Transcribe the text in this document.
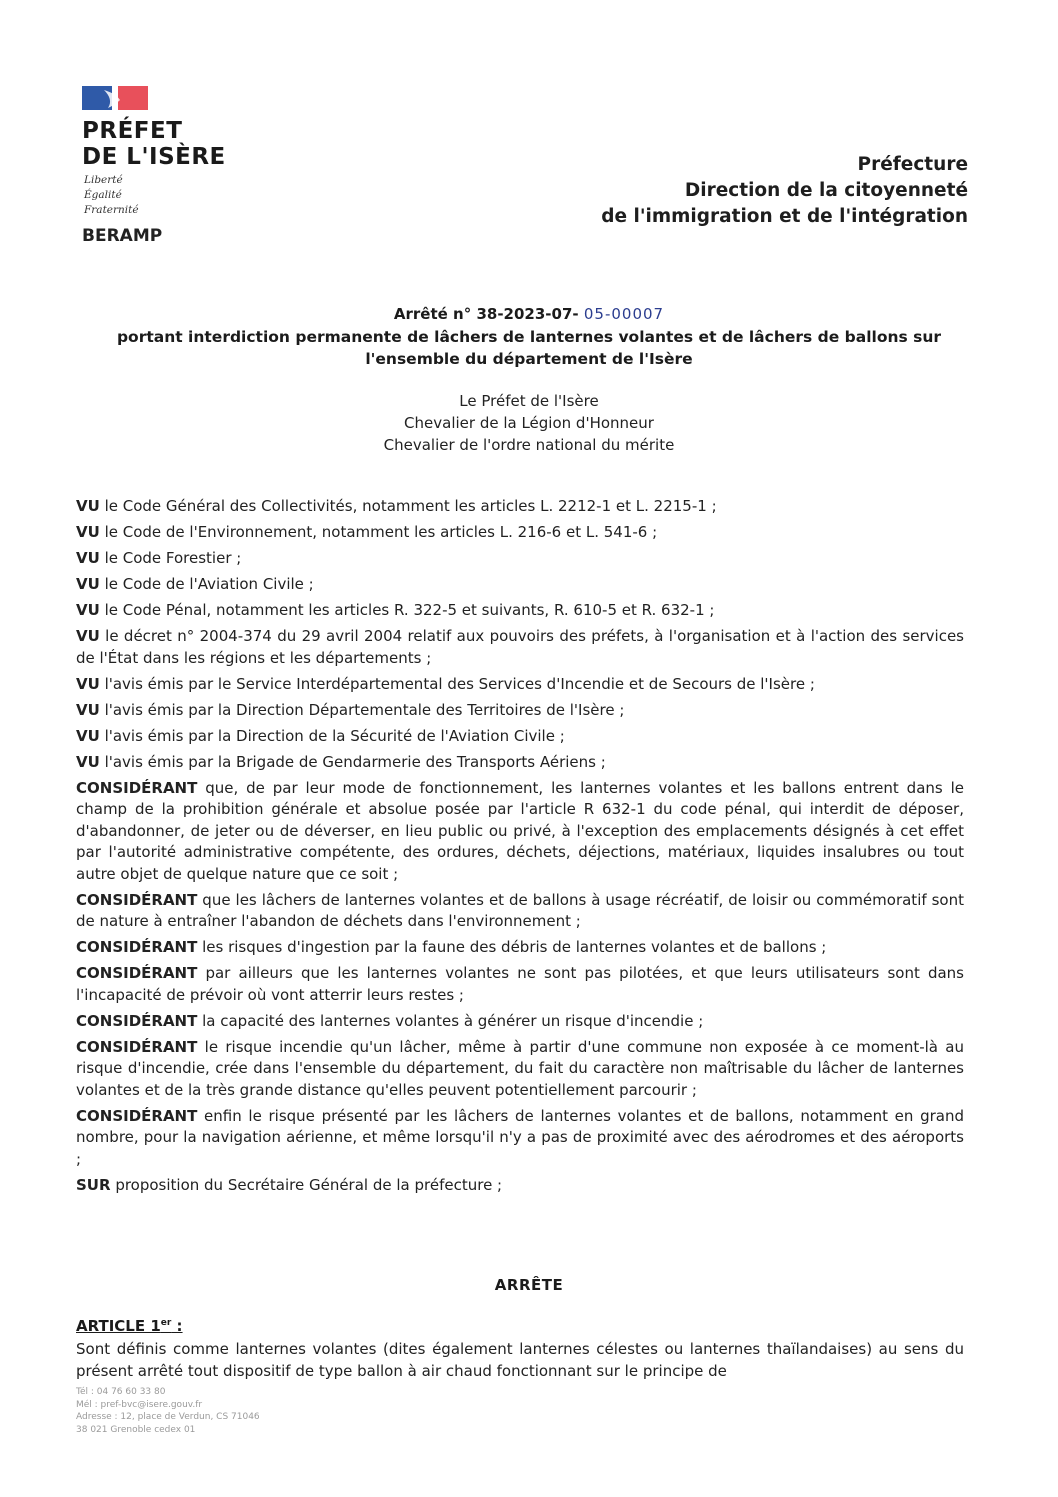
PRÉFET
DE L'ISÈRE
Liberté
Égalité
Fraternité
BERAMP
Préfecture
Direction de la citoyenneté
de l'immigration et de l'intégration
Arrêté n° 38-2023-07- 05-00007
portant interdiction permanente de lâchers de lanternes volantes et de lâchers de ballons sur l'ensemble du département de l'Isère
Le Préfet de l'Isère
Chevalier de la Légion d'Honneur
Chevalier de l'ordre national du mérite
VU le Code Général des Collectivités, notamment les articles L. 2212-1 et L. 2215-1 ;
VU le Code de l'Environnement, notamment les articles L. 216-6 et L. 541-6 ;
VU le Code Forestier ;
VU le Code de l'Aviation Civile ;
VU le Code Pénal, notamment les articles R. 322-5 et suivants, R. 610-5 et R. 632-1 ;
VU le décret n° 2004-374 du 29 avril 2004 relatif aux pouvoirs des préfets, à l'organisation et à l'action des services de l'État dans les régions et les départements ;
VU l'avis émis par le Service Interdépartemental des Services d'Incendie et de Secours de l'Isère ;
VU l'avis émis par la Direction Départementale des Territoires de l'Isère ;
VU l'avis émis par la Direction de la Sécurité de l'Aviation Civile ;
VU l'avis émis par la Brigade de Gendarmerie des Transports Aériens ;
CONSIDÉRANT que, de par leur mode de fonctionnement, les lanternes volantes et les ballons entrent dans le champ de la prohibition générale et absolue posée par l'article R 632-1 du code pénal, qui interdit de déposer, d'abandonner, de jeter ou de déverser, en lieu public ou privé, à l'exception des emplacements désignés à cet effet par l'autorité administrative compétente, des ordures, déchets, déjections, matériaux, liquides insalubres ou tout autre objet de quelque nature que ce soit ;
CONSIDÉRANT que les lâchers de lanternes volantes et de ballons à usage récréatif, de loisir ou commémoratif sont de nature à entraîner l'abandon de déchets dans l'environnement ;
CONSIDÉRANT les risques d'ingestion par la faune des débris de lanternes volantes et de ballons ;
CONSIDÉRANT par ailleurs que les lanternes volantes ne sont pas pilotées, et que leurs utilisateurs sont dans l'incapacité de prévoir où vont atterrir leurs restes ;
CONSIDÉRANT la capacité des lanternes volantes à générer un risque d'incendie ;
CONSIDÉRANT le risque incendie qu'un lâcher, même à partir d'une commune non exposée à ce moment-là au risque d'incendie, crée dans l'ensemble du département, du fait du caractère non maîtrisable du lâcher de lanternes volantes et de la très grande distance qu'elles peuvent potentiellement parcourir ;
CONSIDÉRANT enfin le risque présenté par les lâchers de lanternes volantes et de ballons, notamment en grand nombre, pour la navigation aérienne, et même lorsqu'il n'y a pas de proximité avec des aérodromes et des aéroports ;
SUR proposition du Secrétaire Général de la préfecture ;
ARRÊTE
ARTICLE 1er :
Sont définis comme lanternes volantes (dites également lanternes célestes ou lanternes thaïlandaises) au sens du présent arrêté tout dispositif de type ballon à air chaud fonctionnant sur le principe de
Tél : 04 76 60 33 80
Mél : pref-bvc@isere.gouv.fr
Adresse : 12, place de Verdun, CS 71046
38 021 Grenoble cedex 01
